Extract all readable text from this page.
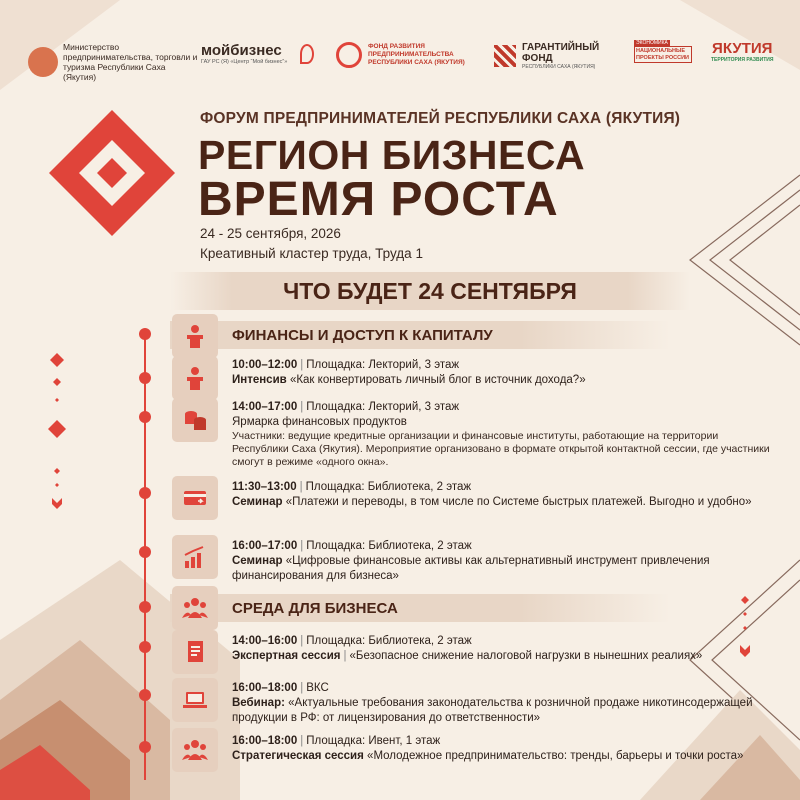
Министерство предпринимательства, торговли и туризма Республики Саха (Якутия)
мойбизнес
ГАУ РС (Я) «Центр “Мой бизнес”»
ФОНД РАЗВИТИЯ ПРЕДПРИНИМАТЕЛЬСТВА РЕСПУБЛИКИ САХА (ЯКУТИЯ)
ГАРАНТИЙНЫЙ ФОНД
РЕСПУБЛИКИ САХА (ЯКУТИЯ)
ЭКОНОМИКА
НАЦИОНАЛЬНЫЕ ПРОЕКТЫ РОССИИ
ЯКУТИЯ
ТЕРРИТОРИЯ РАЗВИТИЯ
ФОРУМ ПРЕДПРИНИМАТЕЛЕЙ РЕСПУБЛИКИ САХА (ЯКУТИЯ)
РЕГИОН БИЗНЕСА
ВРЕМЯ РОСТА
24 - 25 сентября, 2026
Креативный кластер труда, Труда 1
ЧТО БУДЕТ 24 СЕНТЯБРЯ
ФИНАНСЫ И ДОСТУП К КАПИТАЛУ
10:00–12:00 | Площадка: Лекторий, 3 этаж
Интенсив «Как конвертировать личный блог в источник дохода?»
14:00–17:00 | Площадка: Лекторий, 3 этаж
Ярмарка финансовых продуктов
Участники: ведущие кредитные организации и финансовые институты, работающие на территории Республики Саха (Якутия). Мероприятие организовано в формате открытой контактной сессии, где участники смогут в режиме «одного окна».
11:30–13:00 | Площадка: Библиотека, 2 этаж
Семинар «Платежи и переводы, в том числе по Системе быстрых платежей. Выгодно и удобно»
16:00–17:00 | Площадка: Библиотека, 2 этаж
Семинар «Цифровые финансовые активы как альтернативный инструмент привлечения финансирования для бизнеса»
СРЕДА ДЛЯ БИЗНЕСА
14:00–16:00 | Площадка: Библиотека, 2 этаж
Экспертная сессия | «Безопасное снижение налоговой нагрузки в нынешних реалиях»
16:00–18:00 | ВКС
Вебинар: «Актуальные требования законодательства к розничной продаже никотинсодержащей продукции в РФ: от лицензирования до ответственности»
16:00–18:00 | Площадка: Ивент, 1 этаж
Стратегическая сессия «Молодежное предпринимательство: тренды, барьеры и точки роста»
